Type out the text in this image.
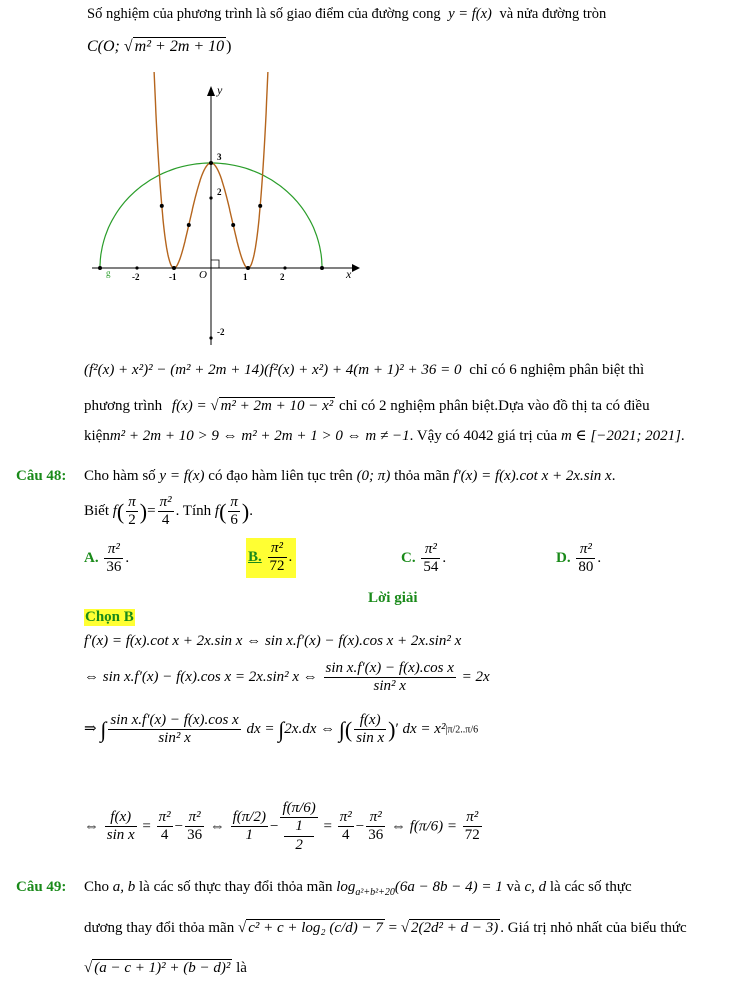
Số nghiệm của phương trình là số giao điểm của đường cong y = f(x) và nửa đường tròn
C(O; √ m² + 2m + 10 )
-2	-1	1	2
3
2
-2
y
x
O
g
(f²(x) + x²)² − (m² + 2m + 14)(f²(x) + x²) + 4(m + 1)² + 36 = 0 chỉ có 6 nghiệm phân biệt thì
phương trình f(x) = √ m² + 2m + 10 − x² chỉ có 2 nghiệm phân biệt.Dựa vào đồ thị ta có điều
kiệnm² + 2m + 10 > 9 ⇔ m² + 2m + 1 > 0 ⇔ m ≠ −1. Vậy có 4042 giá trị của m ∈ [−2021; 2021].
Câu 48: Cho hàm số y = f(x) có đạo hàm liên tục trên (0; π) thỏa mãn f′(x) = f(x).cot x + 2x.sin x.
Biết $f( \frac{\pi}{2}$ )= $\frac{\text{π²}}{4}$ . Tính $f( \frac{\pi}{6}$ ).
A. $\frac{\text{π²}}{36}$ .	B. $\frac{\text{π²}}{72}$ .	C. $\frac{\text{π²}}{54}$ .	D. $\frac{\text{π²}}{80}$ .
Lời giải
Chọn B
f′(x) = f(x).cot x + 2x.sin x ⇔ sin x.f′(x) − f(x).cos x + 2x.sin² x
⇔ sin x.f′(x) − f(x).cos x = 2x.sin² x ⇔ $\frac{\text{sin x.f′(x) − f(x).cos x}}{\text{sin² x}} = 2x$
⇒ ∫ $\frac{\text{sin x.f′(x) − f(x).cos x}}{\text{sin² x}}$ dx = ∫2x.dx ⇔ ∫( $\frac{f(x)}{\text{sin x}}$ )′ dx = x²|π/2..π/6
⇔ $\frac{f(x)}{\text{sin x}} = \frac{\text{π²}}{4} - \frac{\text{π²}}{36}$ ⇔ $\frac{f(\pi/2)}{1} - f(\pi/6)$
1
$2 = \frac{\text{π²}}{4} - \frac{\text{π²}}{36}$ ⇔ $f(\pi/6) = \frac{\text{π²}}{72}$
Câu 49: Cho a, b là các số thực thay đổi thỏa mãn $\log_{a^2+b^2+20}(6a - 8b - 4) = 1$ và c, d là các số thực
dương thay đổi thỏa mãn √ c² + c + log₂ (c/d) − 7 = √ 2(2d² + d − 3) . Giá trị nhỏ nhất của biểu thức
√ (a − c + 1)² + (b − d)² là
